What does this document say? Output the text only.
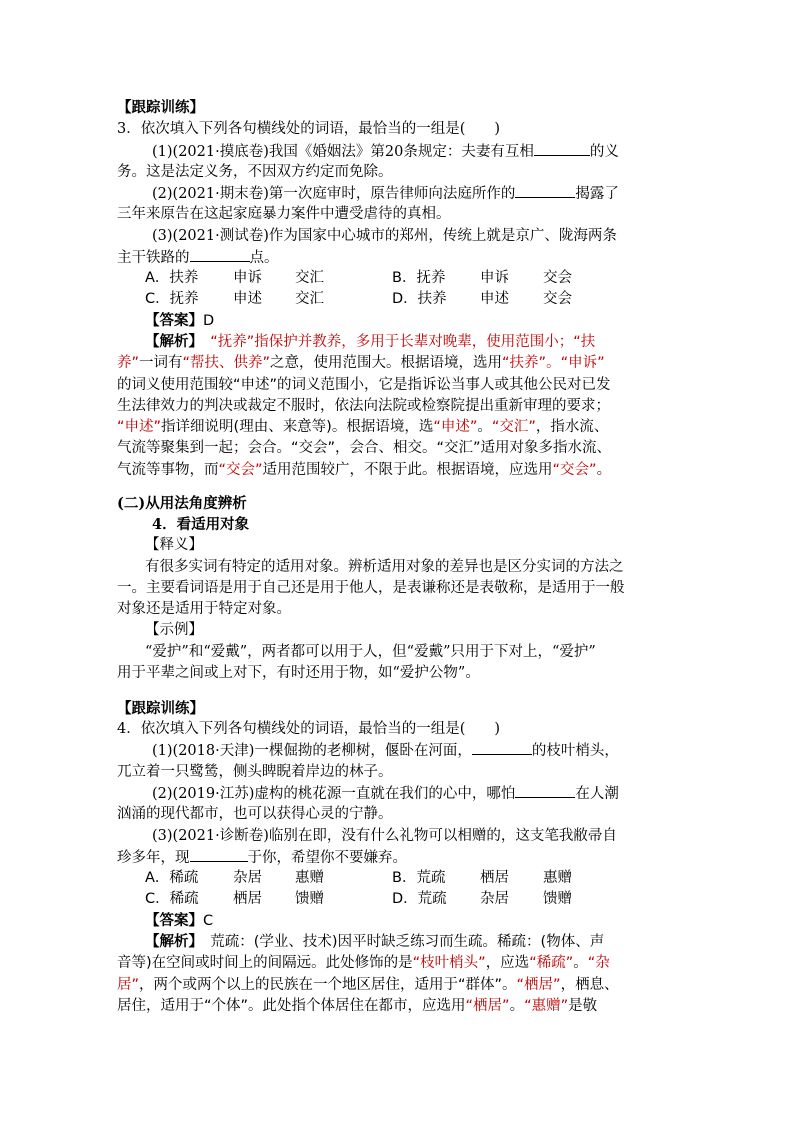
【跟踪训练】
3．依次填入下列各句横线处的词语，最恰当的一组是(　　)
(1)(2021·摸底卷)我国《婚姻法》第20条规定：夫妻有互相	的义
务。这是法定义务，不因双方约定而免除。
(2)(2021·期末卷)第一次庭审时，原告律师向法庭所作的	揭露了
三年来原告在这起家庭暴力案件中遭受虐待的真相。
(3)(2021·测试卷)作为国家中心城市的郑州，传统上就是京广、陇海两条
主干铁路的	点。
A．扶养 申诉 交汇	B．抚养 申诉 交会
C．抚养 申述 交汇	D．扶养 申述 交会
【答案】D
【解析】　 “抚养”指保护并教养，多用于长辈对晚辈，使用范围小；“扶
养”一词有“帮扶、供养”之意，使用范围大。根据语境，选用“扶养”。“申诉”
的词义使用范围较“申述”的词义范围小，它是指诉讼当事人或其他公民对已发
生法律效力的判决或裁定不服时，依法向法院或检察院提出重新审理的要求；
“申述”指详细说明(理由、来意等)。根据语境，选“申述”。“交汇”，指水流、
气流等聚集到一起；会合。“交会”，会合、相交。“交汇”适用对象多指水流、
气流等事物，而“交会”适用范围较广，不限于此。根据语境，应选用“交会”。
(二)从用法角度辨析
4．看适用对象
【释义】
有很多实词有特定的适用对象。辨析适用对象的差异也是区分实词的方法之
一。主要看词语是用于自己还是用于他人，是表谦称还是表敬称，是适用于一般
对象还是适用于特定对象。
【示例】
“爱护”和“爱戴”，两者都可以用于人，但“爱戴”只用于下对上，“爱护”
用于平辈之间或上对下，有时还用于物，如“爱护公物”。
【跟踪训练】
4．依次填入下列各句横线处的词语，最恰当的一组是(　　)
(1)(2018·天津)一棵倔拗的老柳树，偃卧在河面，	的枝叶梢头，
兀立着一只鹭鸶，侧头睥睨着岸边的林子。
(2)(2019·江苏)虚构的桃花源一直就在我们的心中，哪怕	在人潮
汹涌的现代都市，也可以获得心灵的宁静。
(3)(2021·诊断卷)临别在即，没有什么礼物可以相赠的，这支笔我敝帚自
珍多年，现	于你，希望你不要嫌弃。
A．稀疏 杂居 惠赠	B．荒疏 栖居 惠赠
C．稀疏 栖居 馈赠	D．荒疏 杂居 馈赠
【答案】C
【解析】　 荒疏：(学业、技术)因平时缺乏练习而生疏。稀疏：(物体、声
音等)在空间或时间上的间隔远。此处修饰的是“枝叶梢头”，应选“稀疏”。“杂
居”，两个或两个以上的民族在一个地区居住，适用于“群体”。“栖居”，栖息、
居住，适用于“个体”。此处指个体居住在都市，应选用“栖居”。“惠赠”是敬
